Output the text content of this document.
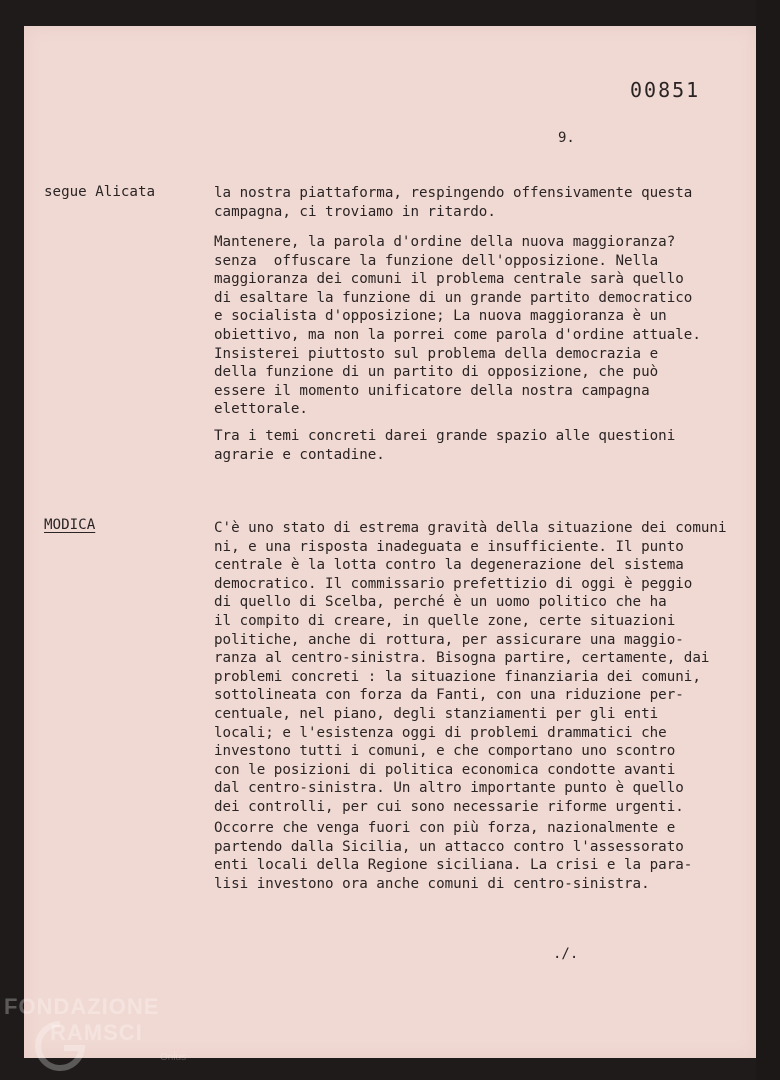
00851
9.
segue Alicata	la nostra piattaforma, respingendo offensivamente questa
campagna, ci troviamo in ritardo.
Mantenere, la parola d'ordine della nuova maggioranza?
senza  offuscare la funzione dell'opposizione. Nella
maggioranza dei comuni il problema centrale sarà quello
di esaltare la funzione di un grande partito democratico
e socialista d'opposizione; La nuova maggioranza è un
obiettivo, ma non la porrei come parola d'ordine attuale.
Insisterei piuttosto sul problema della democrazia e
della funzione di un partito di opposizione, che può
essere il momento unificatore della nostra campagna
elettorale.
Tra i temi concreti darei grande spazio alle questioni
agrarie e contadine.
MODICA	C'è uno stato di estrema gravità della situazione dei comuni
ni, e una risposta inadeguata e insufficiente. Il punto
centrale è la lotta contro la degenerazione del sistema
democratico. Il commissario prefettizio di oggi è peggio
di quello di Scelba, perché è un uomo politico che ha
il compito di creare, in quelle zone, certe situazioni
politiche, anche di rottura, per assicurare una maggio-
ranza al centro-sinistra. Bisogna partire, certamente, dai
problemi concreti : la situazione finanziaria dei comuni,
sottolineata con forza da Fanti, con una riduzione per-
centuale, nel piano, degli stanziamenti per gli enti
locali; e l'esistenza oggi di problemi drammatici che
investono tutti i comuni, e che comportano uno scontro
con le posizioni di politica economica condotte avanti
dal centro-sinistra. Un altro importante punto è quello
dei controlli, per cui sono necessarie riforme urgenti.
Occorre che venga fuori con più forza, nazionalmente e
partendo dalla Sicilia, un attacco contro l'assessorato
enti locali della Regione siciliana. La crisi e la para-
lisi investono ora anche comuni di centro-sinistra.
./.
FONDAZIONE
RAMSCI
Onlus
